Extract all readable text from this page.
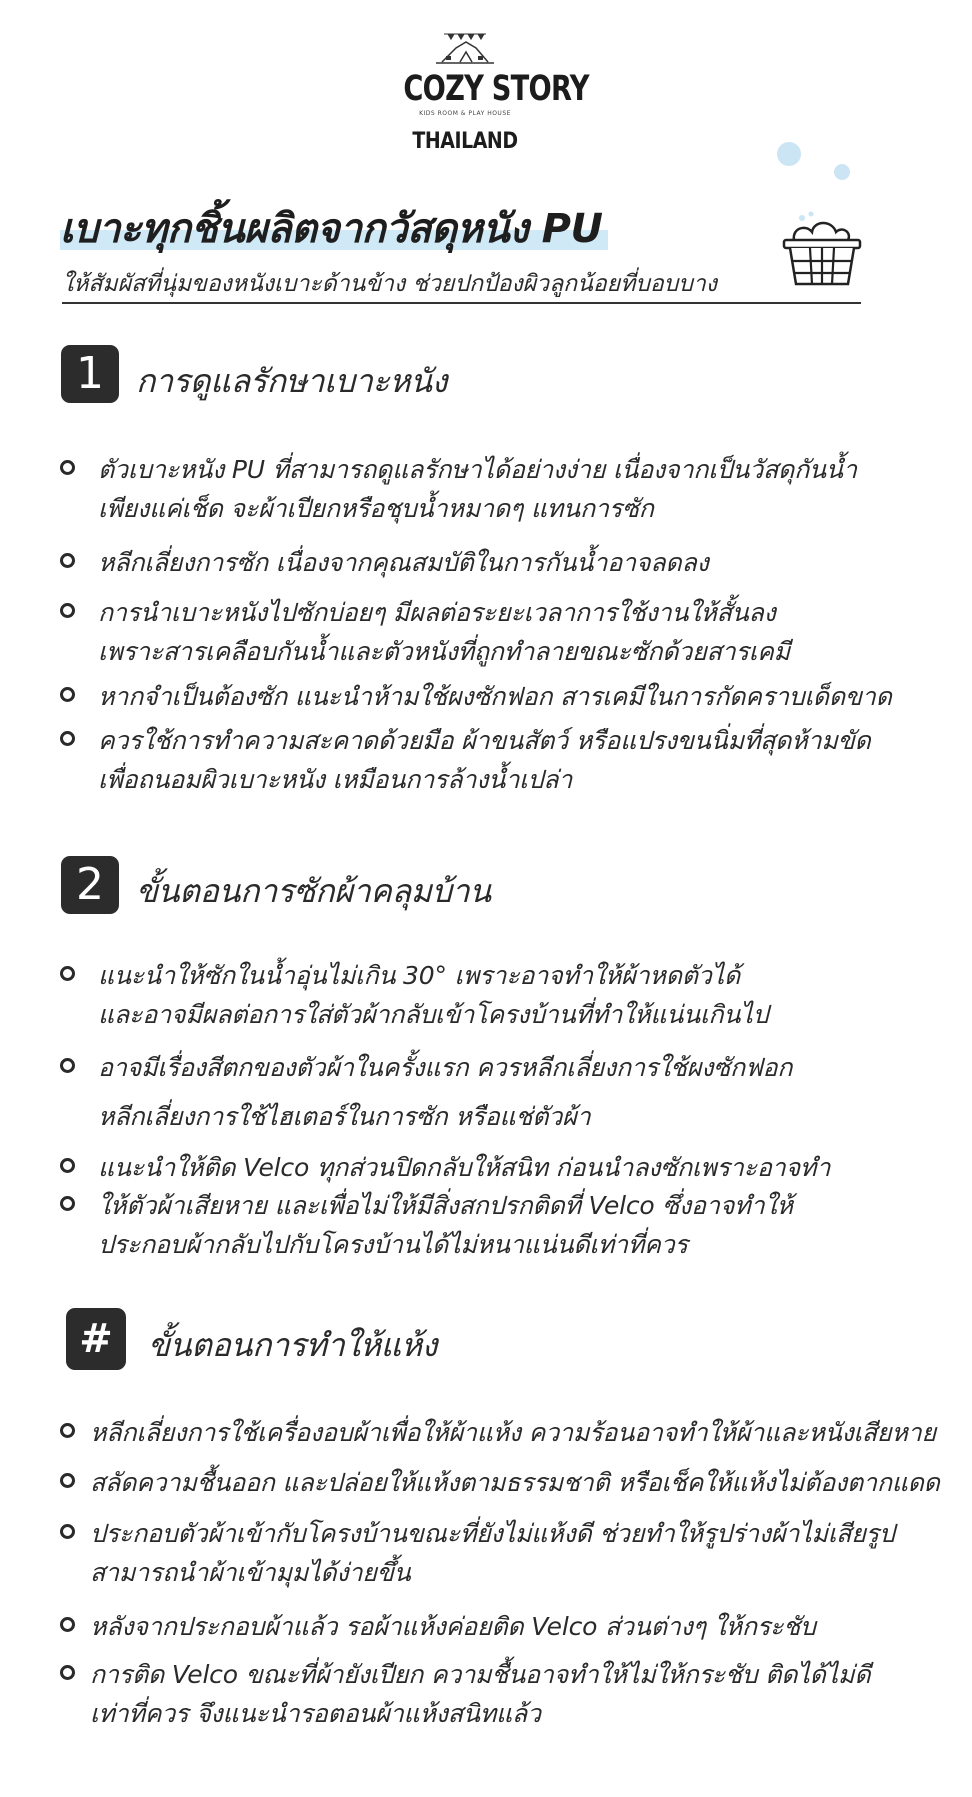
COZY STORY
KIDS ROOM & PLAY HOUSE
THAILAND
เบาะทุกชิ้นผลิตจากวัสดุหนัง PU
ให้สัมผัสที่นุ่มของหนังเบาะด้านข้าง ช่วยปกป้องผิวลูกน้อยที่บอบบาง
1	การดูแลรักษาเบาะหนัง
ตัวเบาะหนัง PU ที่สามารถดูแลรักษาได้อย่างง่าย เนื่องจากเป็นวัสดุกันน้ำ
เพียงแค่เช็ด จะผ้าเปียกหรือชุบน้ำหมาดๆ แทนการซัก
หลีกเลี่ยงการซัก เนื่องจากคุณสมบัติในการกันน้ำอาจลดลง
การนำเบาะหนังไปซักบ่อยๆ มีผลต่อระยะเวลาการใช้งานให้สั้นลง
เพราะสารเคลือบกันน้ำและตัวหนังที่ถูกทำลายขณะซักด้วยสารเคมี
หากจำเป็นต้องซัก แนะนำห้ามใช้ผงซักฟอก สารเคมีในการกัดคราบเด็ดขาด
ควรใช้การทำความสะคาดด้วยมือ ผ้าขนสัตว์ หรือแปรงขนนิ่มที่สุดห้ามขัด
เพื่อถนอมผิวเบาะหนัง เหมือนการล้างน้ำเปล่า
2	ขั้นตอนการซักผ้าคลุมบ้าน
แนะนำให้ซักในน้ำอุ่นไม่เกิน 30° เพราะอาจทำให้ผ้าหดตัวได้
และอาจมีผลต่อการใส่ตัวผ้ากลับเข้าโครงบ้านที่ทำให้แน่นเกินไป
อาจมีเรื่องสีตกของตัวผ้าในครั้งแรก ควรหลีกเลี่ยงการใช้ผงซักฟอก
หลีกเลี่ยงการใช้ไฮเตอร์ในการซัก หรือแช่ตัวผ้า
แนะนำให้ติด Velco ทุกส่วนปิดกลับให้สนิท ก่อนนำลงซักเพราะอาจทำ
ให้ตัวผ้าเสียหาย และเพื่อไม่ให้มีสิ่งสกปรกติดที่ Velco ซึ่งอาจทำให้
ประกอบผ้ากลับไปกับโครงบ้านได้ไม่หนาแน่นดีเท่าที่ควร
#	ขั้นตอนการทำให้แห้ง
หลีกเลี่ยงการใช้เครื่องอบผ้าเพื่อให้ผ้าแห้ง ความร้อนอาจทำให้ผ้าและหนังเสียหาย
สลัดความชื้นออก และปล่อยให้แห้งตามธรรมชาติ หรือเช็คให้แห้งไม่ต้องตากแดด
ประกอบตัวผ้าเข้ากับโครงบ้านขณะที่ยังไม่แห้งดี ช่วยทำให้รูปร่างผ้าไม่เสียรูป
สามารถนำผ้าเข้ามุมได้ง่ายขึ้น
หลังจากประกอบผ้าแล้ว รอผ้าแห้งค่อยติด Velco ส่วนต่างๆ ให้กระชับ
การติด Velco ขณะที่ผ้ายังเปียก ความชื้นอาจทำให้ไม่ให้กระชับ ติดได้ไม่ดี
เท่าที่ควร จึงแนะนำรอตอนผ้าแห้งสนิทแล้ว
